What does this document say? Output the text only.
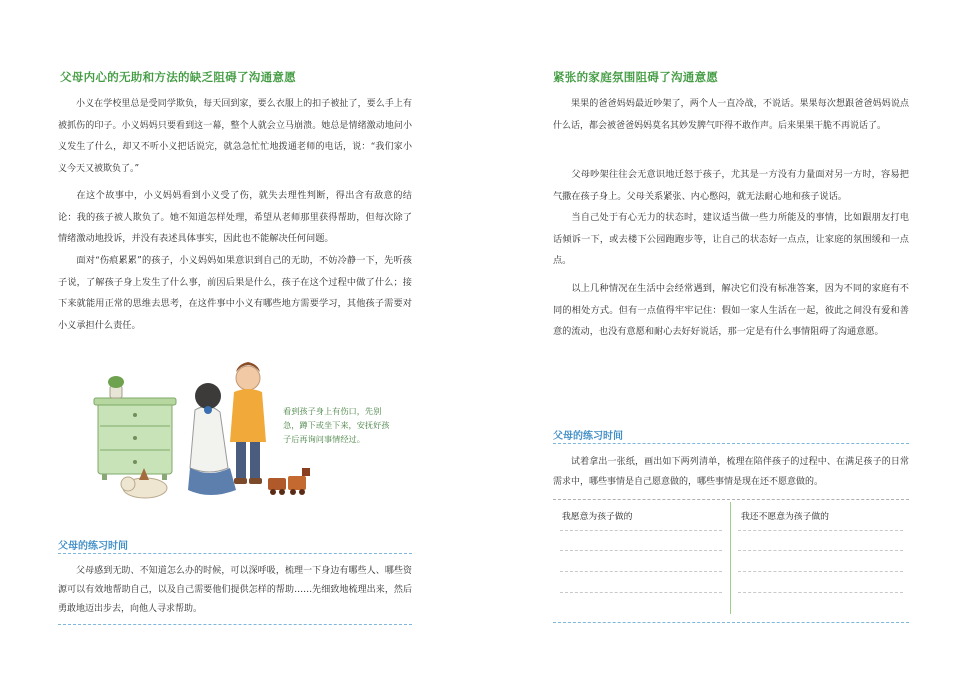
父母内心的无助和方法的缺乏阻碍了沟通意愿

小义在学校里总是受同学欺负，每天回到家，要么衣服上的扣子被扯了，要么手上有被抓伤的印子。小义妈妈只要看到这一幕，整个人就会立马崩溃。她总是情绪激动地问小义发生了什么，却又不听小义把话说完，就急急忙忙地拨通老师的电话，说：“我们家小义今天又被欺负了。”

在这个故事中，小义妈妈看到小义受了伤，就失去理性判断，得出含有敌意的结论：我的孩子被人欺负了。她不知道怎样处理，希望从老师那里获得帮助，但每次除了情绪激动地投诉，并没有表述具体事实，因此也不能解决任何问题。

面对“伤痕累累”的孩子，小义妈妈如果意识到自己的无助，不妨冷静一下，先听孩子说，了解孩子身上发生了什么事，前因后果是什么，孩子在这个过程中做了什么；接下来就能用正常的思维去思考，在这件事中小义有哪些地方需要学习，其他孩子需要对小义承担什么责任。

看到孩子身上有伤口，先别急，蹲下或坐下来，安抚好孩子后再询问事情经过。
父母的练习时间

父母感到无助、不知道怎么办的时候，可以深呼吸，梳理一下身边有哪些人、哪些资源可以有效地帮助自己，以及自己需要他们提供怎样的帮助……先细致地梳理出来，然后勇敢地迈出步去，向他人寻求帮助。

紧张的家庭氛围阻碍了沟通意愿

果果的爸爸妈妈最近吵架了，两个人一直冷战，不说话。果果每次想跟爸爸妈妈说点什么话，都会被爸爸妈妈莫名其妙发脾气吓得不敢作声。后来果果干脆不再说话了。

父母吵架往往会无意识地迁怒于孩子，尤其是一方没有力量面对另一方时，容易把气撒在孩子身上。父母关系紧张、内心憋闷，就无法耐心地和孩子说话。

当自己处于有心无力的状态时，建议适当做一些力所能及的事情，比如跟朋友打电话倾诉一下，或去楼下公园跑跑步等，让自己的状态好一点点，让家庭的氛围缓和一点点。

以上几种情况在生活中会经常遇到，解决它们没有标准答案，因为不同的家庭有不同的相处方式。但有一点值得牢牢记住：假如一家人生活在一起，彼此之间没有爱和善意的流动，也没有意愿和耐心去好好说话，那一定是有什么事情阻碍了沟通意愿。

父母的练习时间

试着拿出一张纸，画出如下两列清单，梳理在陪伴孩子的过程中、在满足孩子的日常需求中，哪些事情是自己愿意做的，哪些事情是现在还不愿意做的。

我愿意为孩子做的	我还不愿意为孩子做的
